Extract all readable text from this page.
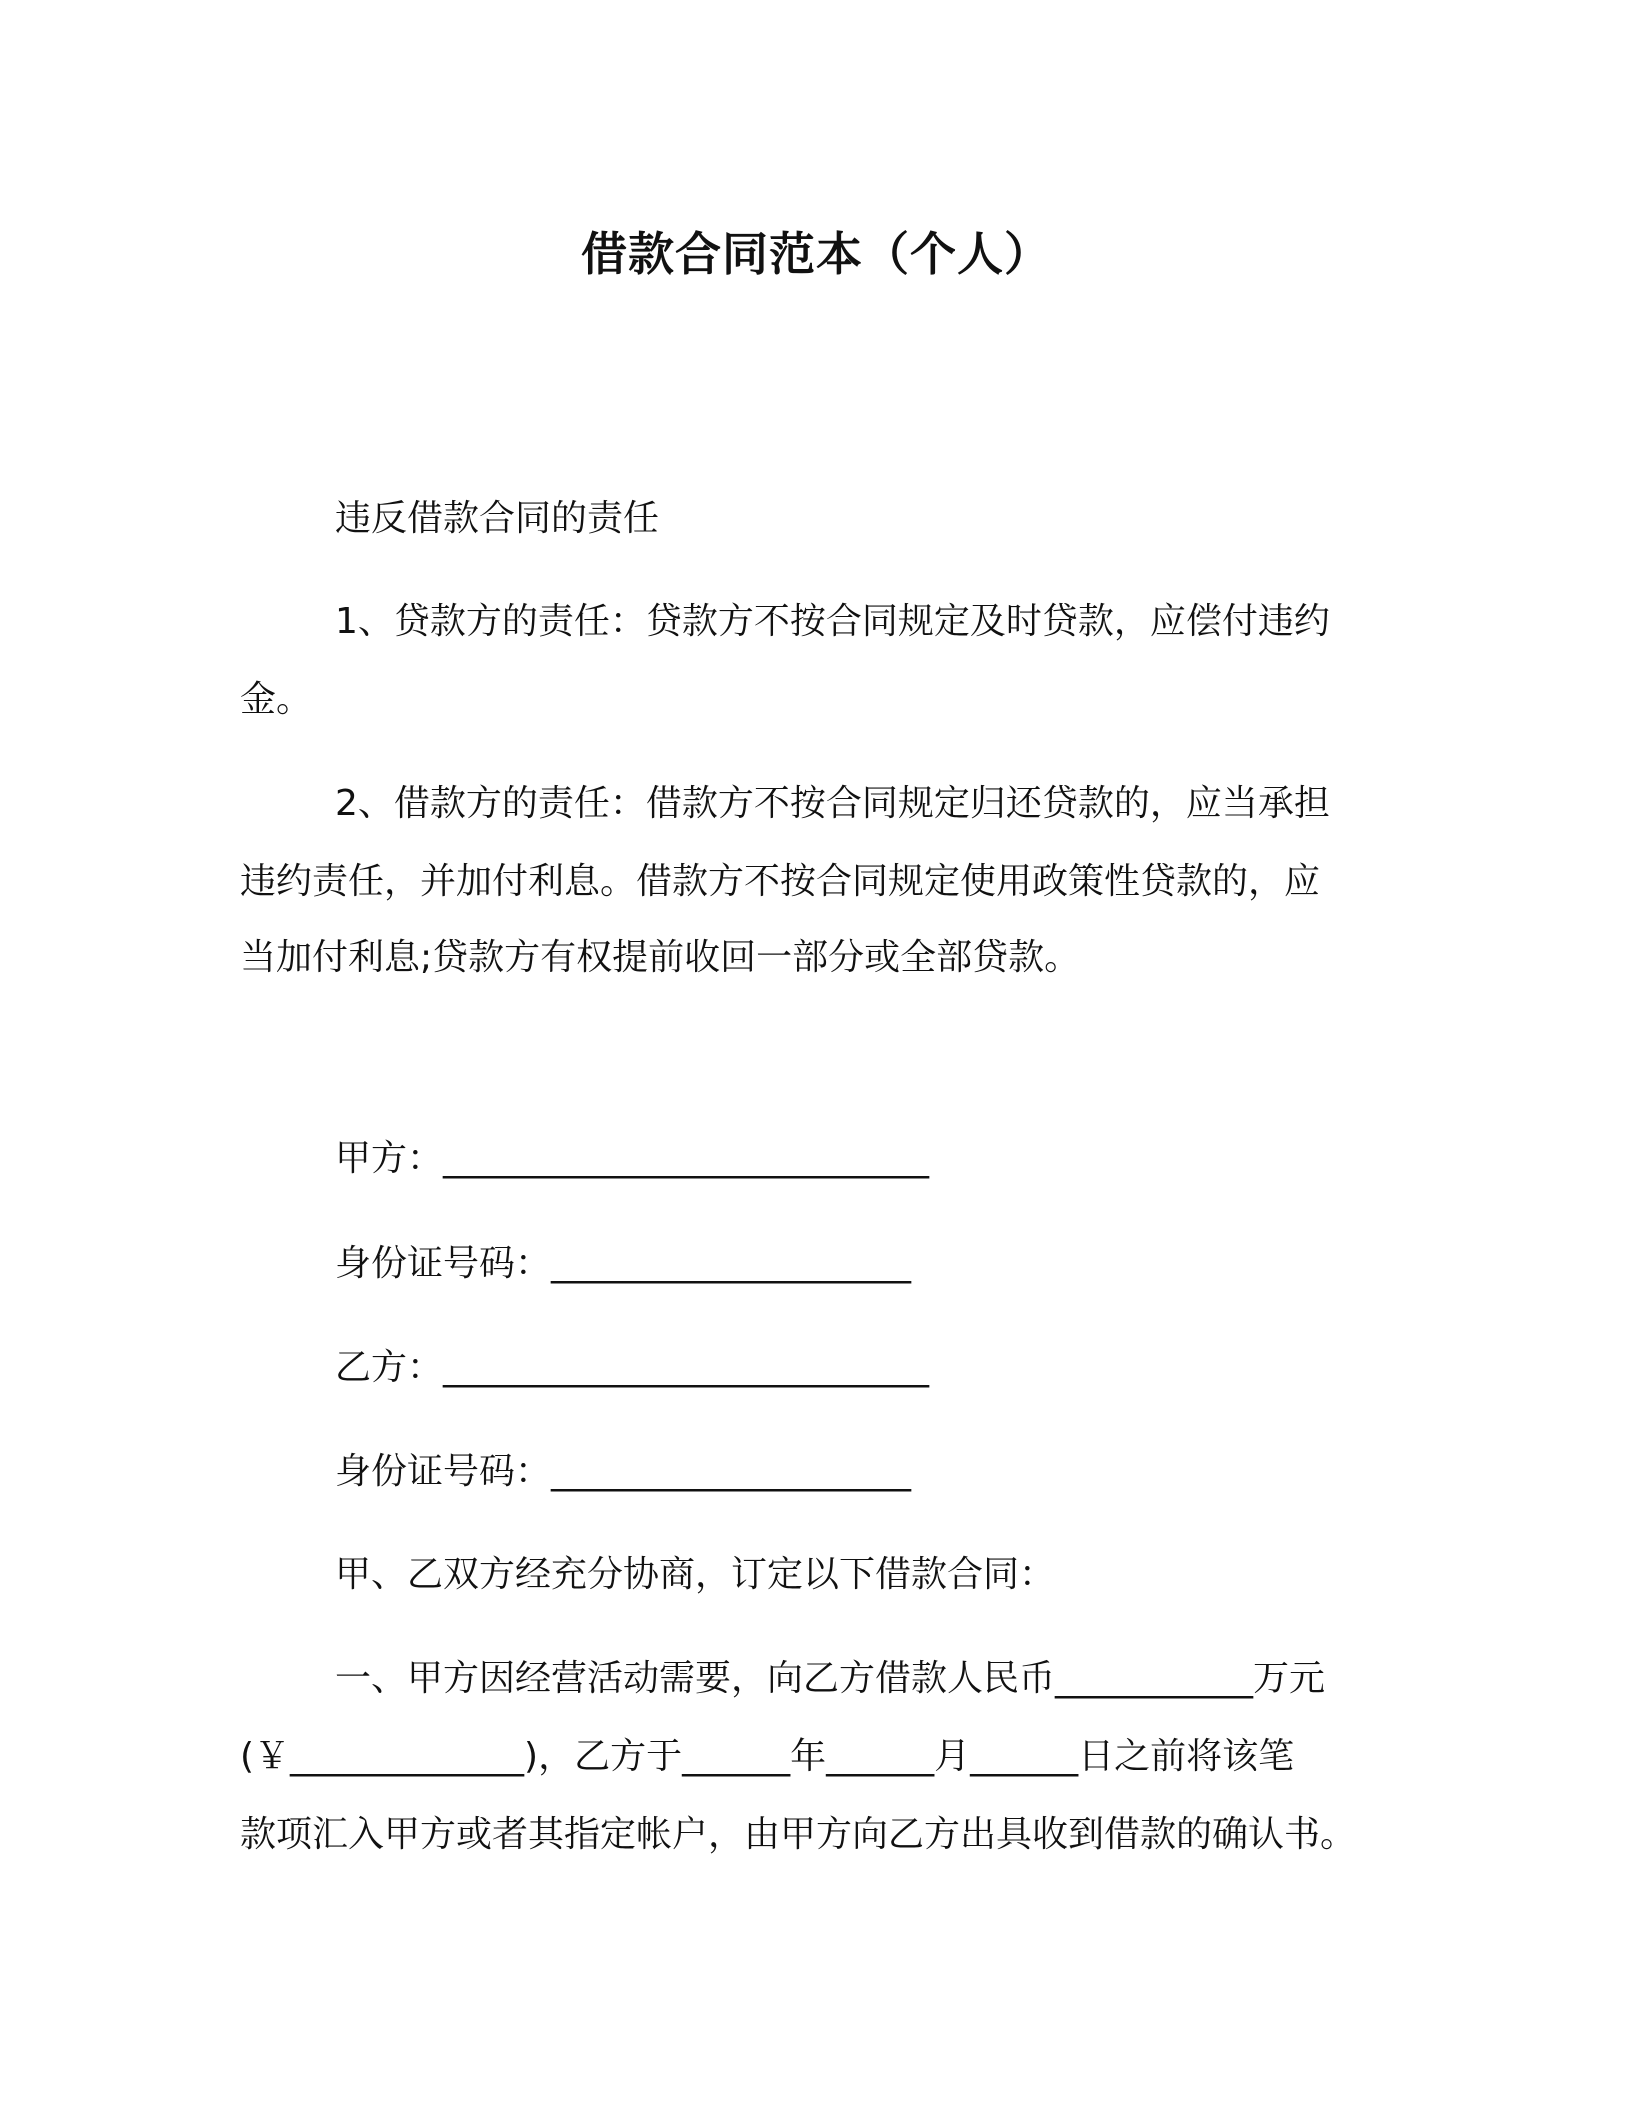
借款合同范本（个人）
违反借款合同的责任
1、贷款方的责任：贷款方不按合同规定及时贷款，应偿付违约
金。
2、借款方的责任：借款方不按合同规定归还贷款的，应当承担
违约责任，并加付利息。借款方不按合同规定使用政策性贷款的，应
当加付利息;贷款方有权提前收回一部分或全部贷款。
甲方：___________________________
身份证号码：____________________
乙方：___________________________
身份证号码：____________________
甲、乙双方经充分协商，订定以下借款合同：
一、甲方因经营活动需要，向乙方借款人民币___________万元
(￥_____________)，乙方于______年______月______日之前将该笔
款项汇入甲方或者其指定帐户，由甲方向乙方出具收到借款的确认书。
